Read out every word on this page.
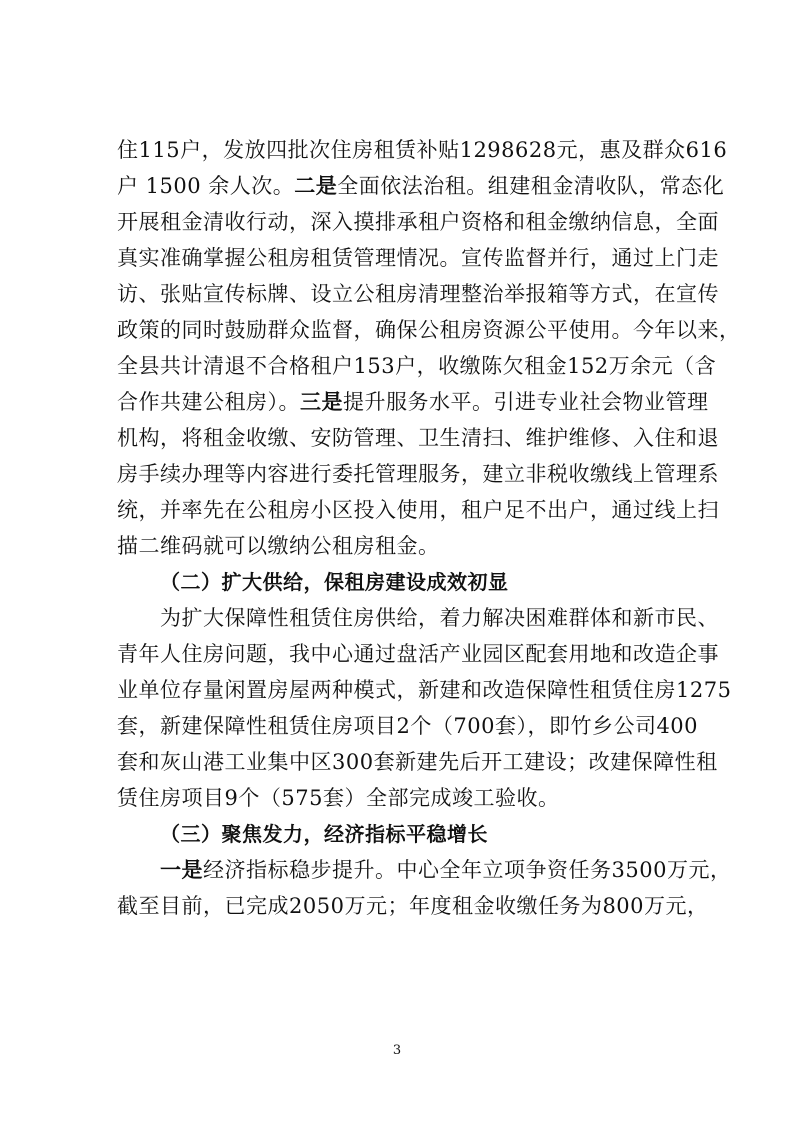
住115户，发放四批次住房租赁补贴1298628元，惠及群众616
户 1500 余人次。二是全面依法治租。组建租金清收队，常态化
开展租金清收行动，深入摸排承租户资格和租金缴纳信息，全面
真实准确掌握公租房租赁管理情况。宣传监督并行，通过上门走
访、张贴宣传标牌、设立公租房清理整治举报箱等方式，在宣传
政策的同时鼓励群众监督，确保公租房资源公平使用。今年以来，
全县共计清退不合格租户153户，收缴陈欠租金152万余元（含
合作共建公租房）。三是提升服务水平。引进专业社会物业管理
机构，将租金收缴、安防管理、卫生清扫、维护维修、入住和退
房手续办理等内容进行委托管理服务，建立非税收缴线上管理系
统，并率先在公租房小区投入使用，租户足不出户，通过线上扫
描二维码就可以缴纳公租房租金。
（二）扩大供给，保租房建设成效初显
为扩大保障性租赁住房供给，着力解决困难群体和新市民、
青年人住房问题，我中心通过盘活产业园区配套用地和改造企事
业单位存量闲置房屋两种模式，新建和改造保障性租赁住房1275
套，新建保障性租赁住房项目2个（700套），即竹乡公司400
套和灰山港工业集中区300套新建先后开工建设；改建保障性租
赁住房项目9个（575套）全部完成竣工验收。
（三）聚焦发力，经济指标平稳增长
一是经济指标稳步提升。中心全年立项争资任务3500万元，
截至目前，已完成2050万元；年度租金收缴任务为800万元，
3
